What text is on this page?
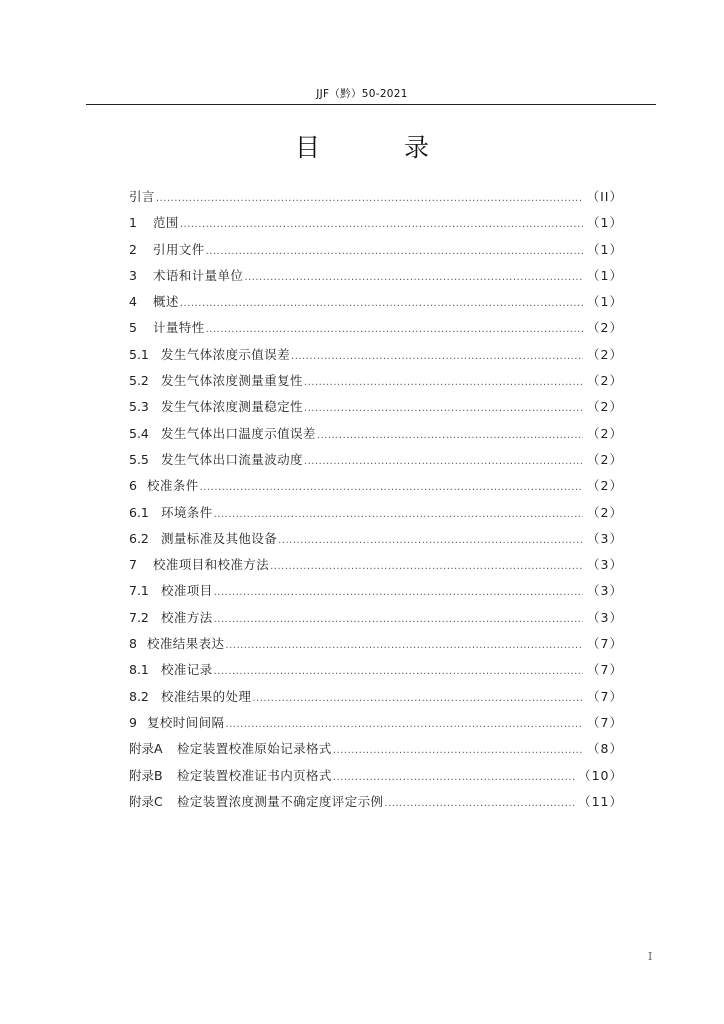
JJF（黔）50-2021
目 录
引言 .....	（II）
1	范围 .....	（1）
2	引用文件 .....	（1）
3	术语和计量单位 .....	（1）
4	概述 .....	（1）
5	计量特性 .....	（2）
5.1 发生气体浓度示值误差 .....	（2）
5.2 发生气体浓度测量重复性 .....	（2）
5.3 发生气体浓度测量稳定性 .....	（2）
5.4 发生气体出口温度示值误差 .....	（2）
5.5 发生气体出口流量波动度 .....	（2）
6 校准条件 .....	（2）
6.1 环境条件 .....	（2）
6.2 测量标准及其他设备 .....	（3）
7	校准项目和校准方法 .....	（3）
7.1 校准项目 .....	（3）
7.2 校准方法 .....	（3）
8 校准结果表达 .....	（7）
8.1 校准记录 .....	（7）
8.2 校准结果的处理 .....	（7）
9 复校时间间隔 .....	（7）
附录A	检定装置校准原始记录格式 .....	（8）
附录B	检定装置校准证书内页格式 .....	（10）
附录C	检定装置浓度测量不确定度评定示例 .....	（11）
I
